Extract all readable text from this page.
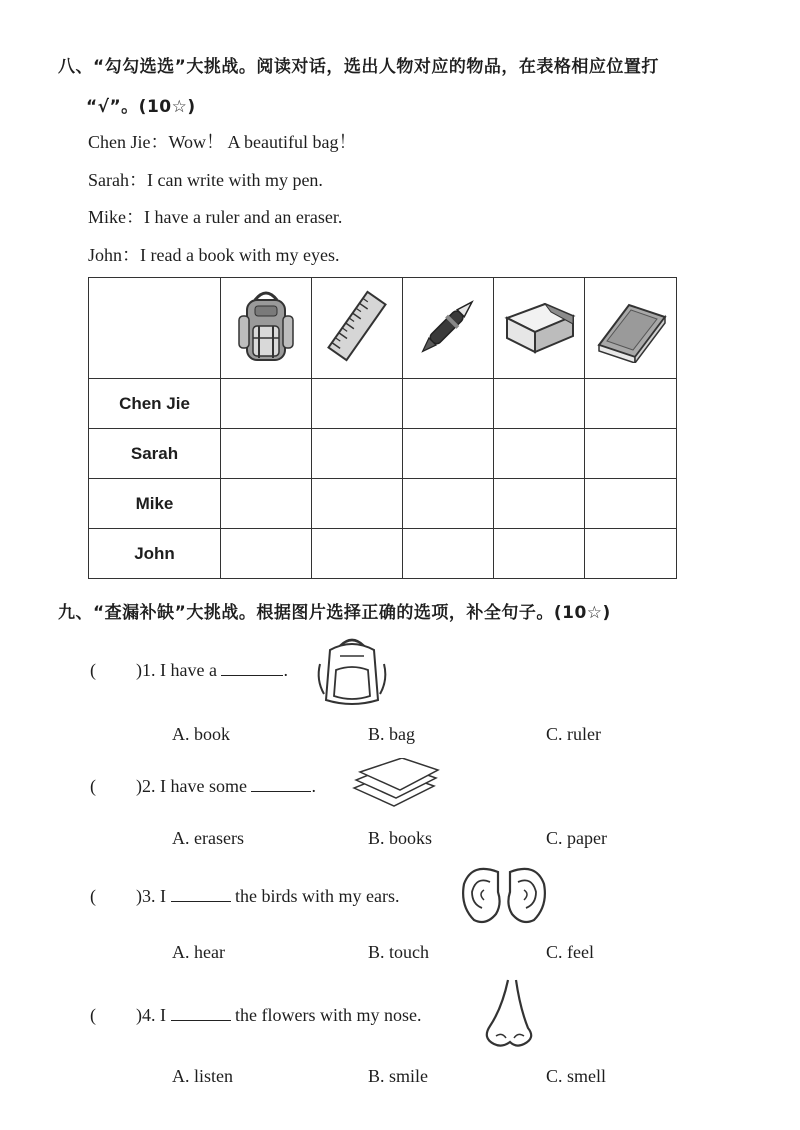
八、“勾勾选选”大挑战。阅读对话，选出人物对应的物品，在表格相应位置打
“√”。(10☆)
Chen Jie：Wow！ A beautiful bag！
Sarah：I can write with my pen.
Mike：I have a ruler and an eraser.
John：I read a book with my eyes.

Chen Jie					
Sarah					
Mike					
John					
九、“查漏补缺”大挑战。根据图片选择正确的选项，补全句子。(10☆)
( )1. I have a	.
A. book	B. bag	C. ruler
( )2. I have some	.
A. erasers	B. books	C. paper
( )3. I	the birds with my ears.
A. hear	B. touch	C. feel
( )4. I	the flowers with my nose.
A. listen	B. smile	C. smell
